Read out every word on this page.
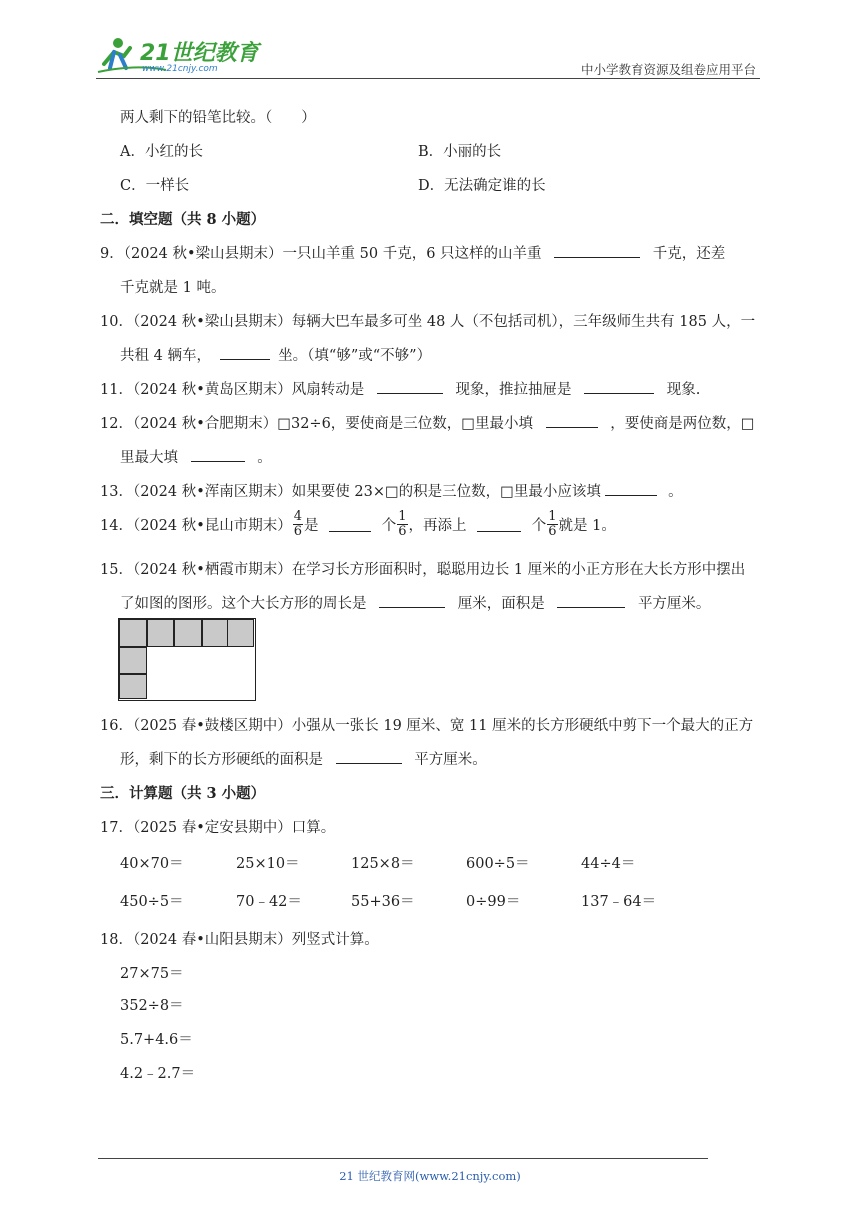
21世纪教育
www.21cnjy.com	中小学教育资源及组卷应用平台
两人剩下的铅笔比较。（　　）
A．小红的长	B．小丽的长
C．一样长	D．无法确定谁的长
二．填空题（共 8 小题）
9．（2024 秋•梁山县期末）一只山羊重 50 千克，6 只这样的山羊重	千克，还差
千克就是 1 吨。
10．（2024 秋•梁山县期末）每辆大巴车最多可坐 48 人（不包括司机），三年级师生共有 185 人，一
共租 4 辆车，	坐。（填“够”或“不够”）
11．（2024 秋•黄岛区期末）风扇转动是	现象，推拉抽屉是	现象.
12．（2024 秋•合肥期末）□32÷6，要使商是三位数，□里最小填	，要使商是两位数，□
里最大填	。
13．（2024 秋•浑南区期末）如果要使 23×□的积是三位数，□里最小应该填	。
14．（2024 秋•昆山市期末） $\frac{4}{6}$ 是	个 $\frac{1}{6}$ ，再添上	个 $\frac{1}{6}$ 就是 1。
15．（2024 秋•栖霞市期末）在学习长方形面积时，聪聪用边长 1 厘米的小正方形在大长方形中摆出
了如图的图形。这个大长方形的周长是	厘米，面积是	平方厘米。
16．（2025 春•鼓楼区期中）小强从一张长 19 厘米、宽 11 厘米的长方形硬纸中剪下一个最大的正方
形，剩下的长方形硬纸的面积是	平方厘米。
三．计算题（共 3 小题）
17．（2025 春•定安县期中）口算。
40×70＝	25×10＝	125×8＝	600÷5＝	44÷4＝
450÷5＝	70﹣42＝	55+36＝	0÷99＝	137﹣64＝
18．（2024 春•山阳县期末）列竖式计算。
27×75＝
352÷8＝
5.7+4.6＝
4.2﹣2.7＝
21 世纪教育网(www.21cnjy.com)
